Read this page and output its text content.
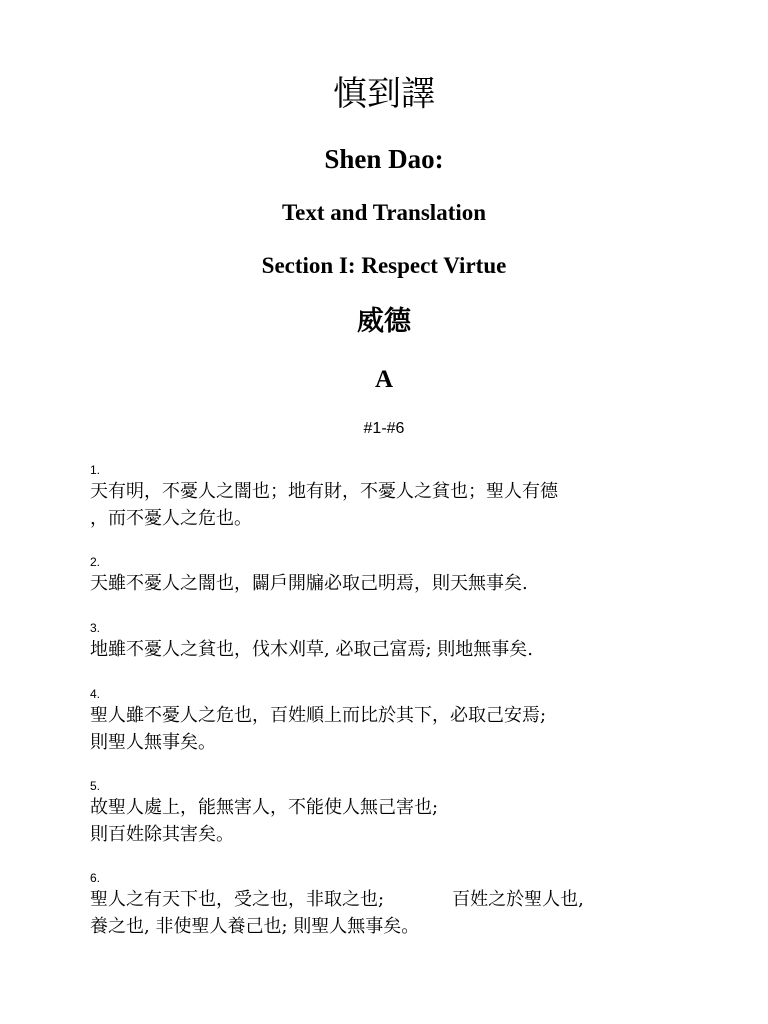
慎到譯
Shen Dao:
Text and Translation
Section I: Respect Virtue
威德
A
#1-#6
1.
天有明，不憂人之闇也；地有財，不憂人之貧也；聖人有德
，而不憂人之危也。
2.
天雖不憂人之闇也，闢戶開牖必取己明焉，則天無事矣.
3.
地雖不憂人之貧也，伐木刈草, 必取己富焉; 則地無事矣.
4.
聖人雖不憂人之危也，百姓順上而比於其下，必取己安焉;
則聖人無事矣。
5.
故聖人處上，能無害人，不能使人無己害也;
則百姓除其害矣。
6.
聖人之有天下也，受之也，非取之也;	百姓之於聖人也,
養之也, 非使聖人養己也; 則聖人無事矣。
